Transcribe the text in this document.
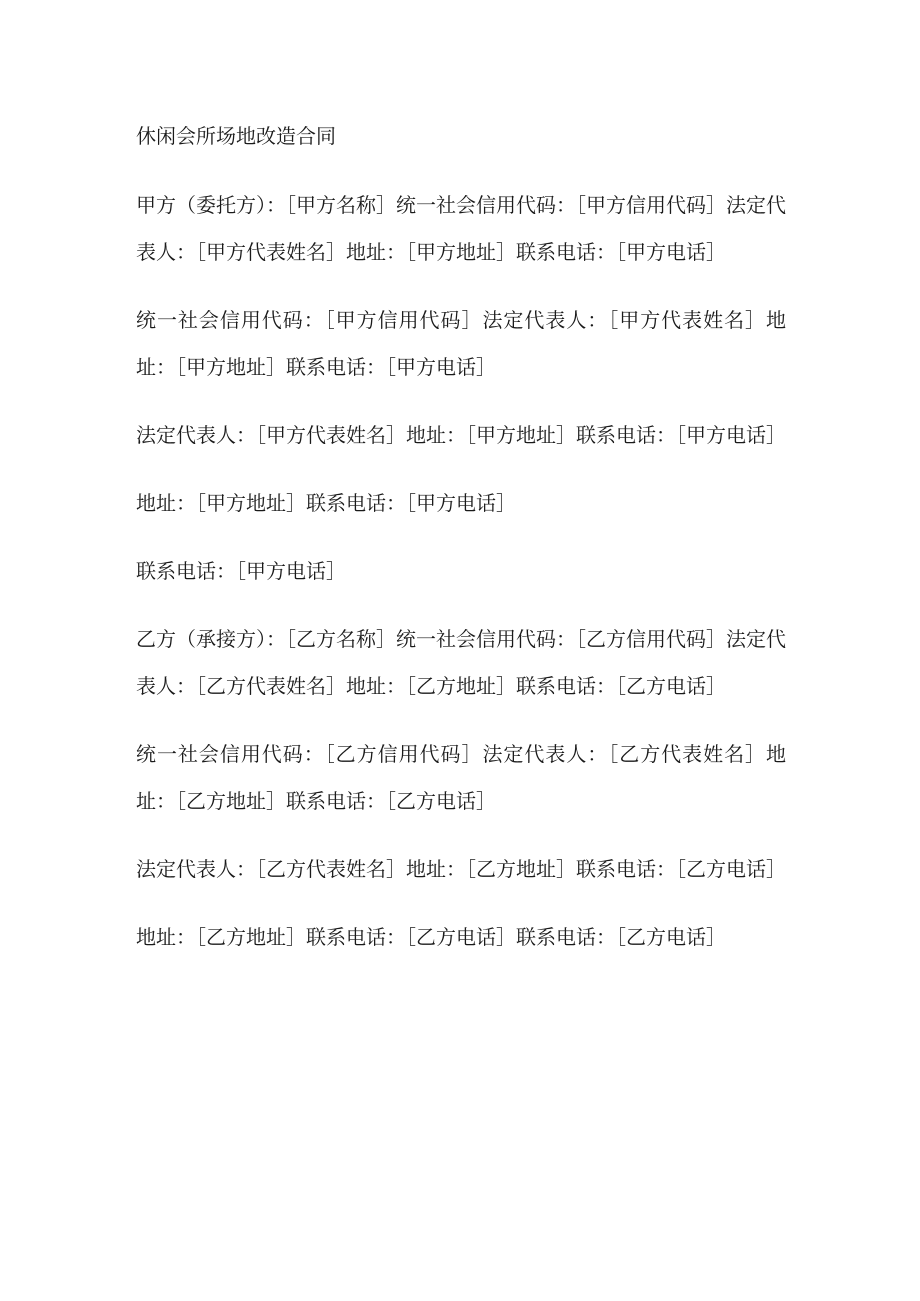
休闲会所场地改造合同

甲方（委托方）：［甲方名称］统一社会信用代码：［甲方信用代码］法定代表人：［甲方代表姓名］地址：［甲方地址］联系电话：［甲方电话］

统一社会信用代码：［甲方信用代码］法定代表人：［甲方代表姓名］地址：［甲方地址］联系电话：［甲方电话］

法定代表人：［甲方代表姓名］地址：［甲方地址］联系电话：［甲方电话］

地址：［甲方地址］联系电话：［甲方电话］

联系电话：［甲方电话］

乙方（承接方）：［乙方名称］统一社会信用代码：［乙方信用代码］法定代表人：［乙方代表姓名］地址：［乙方地址］联系电话：［乙方电话］

统一社会信用代码：［乙方信用代码］法定代表人：［乙方代表姓名］地址：［乙方地址］联系电话：［乙方电话］

法定代表人：［乙方代表姓名］地址：［乙方地址］联系电话：［乙方电话］

地址：［乙方地址］联系电话：［乙方电话］联系电话：［乙方电话］
